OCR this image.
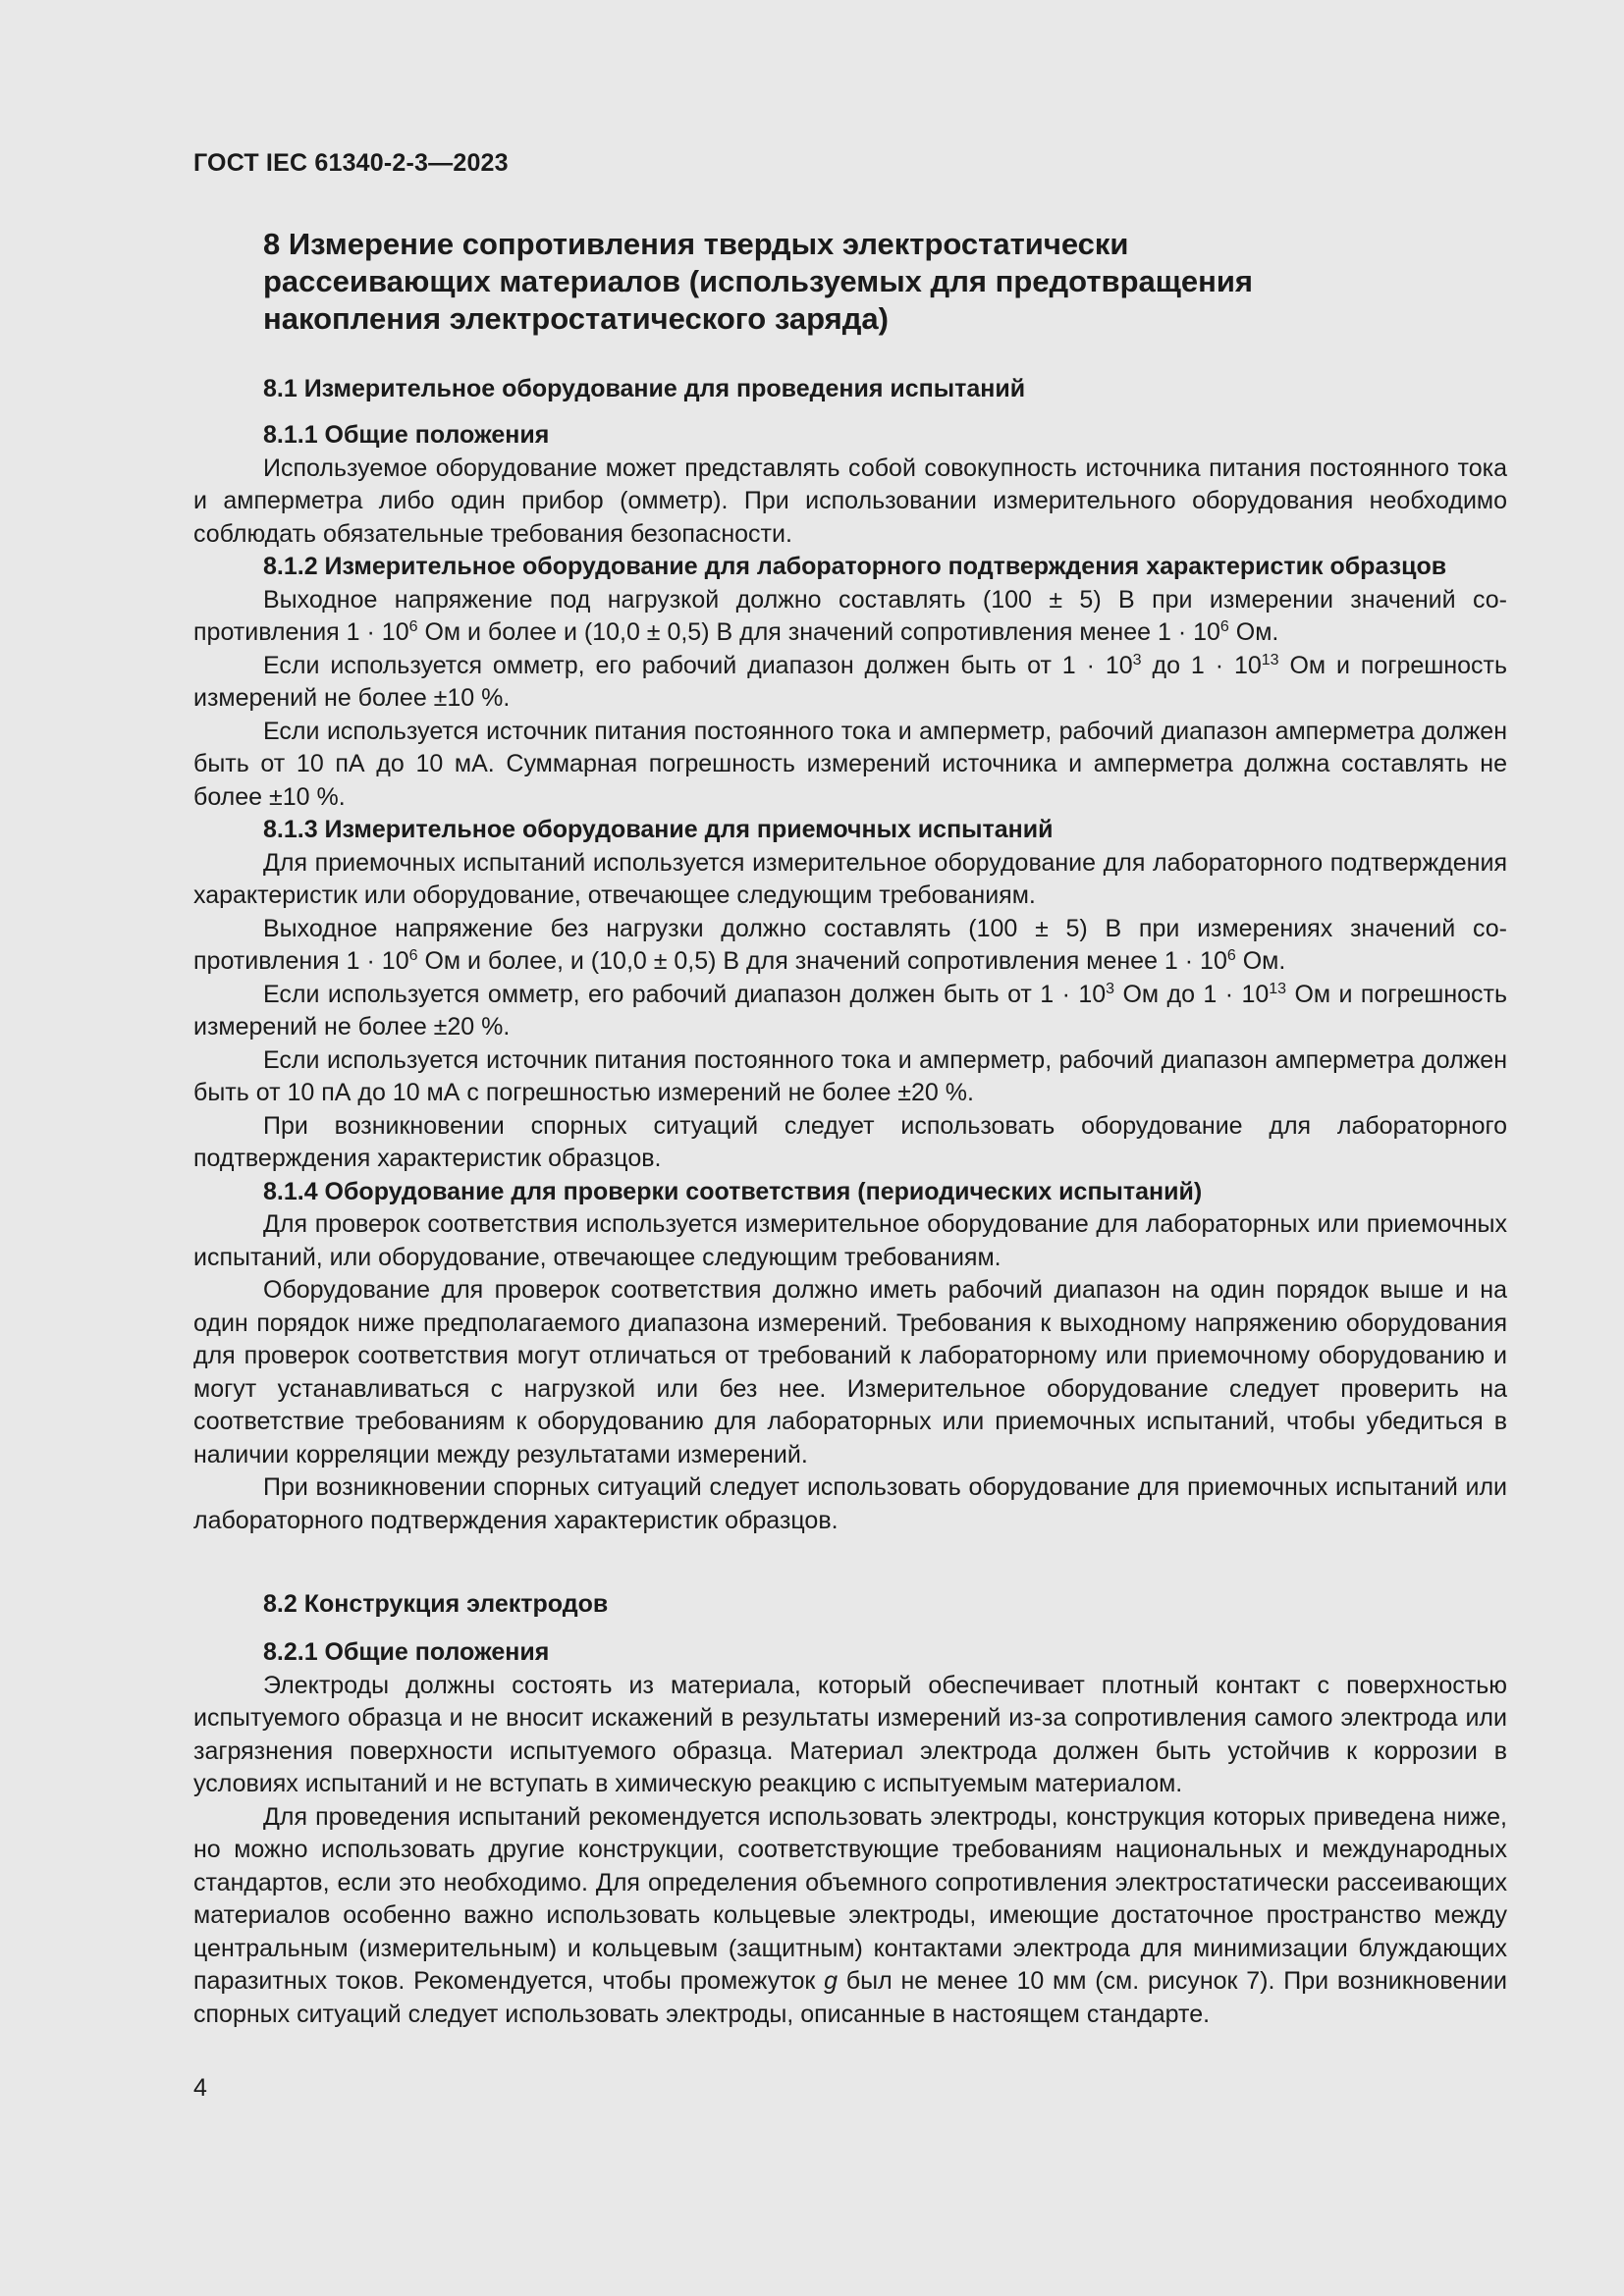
ГОСТ IEC 61340-2-3—2023
8 Измерение сопротивления твердых электростатически
рассеивающих материалов (используемых для предотвращения
накопления электростатического заряда)
8.1 Измерительное оборудование для проведения испытаний

8.1.1 Общие положения

Используемое оборудование может представлять собой совокупность источника питания постоянного тока и амперметра либо один прибор (омметр). При использовании измерительного оборудования необходимо соблюдать обязательные требования безопасности.

8.1.2 Измерительное оборудование для лабораторного подтверждения характеристик образцов

Выходное напряжение под нагрузкой должно составлять (100 ± 5) В при измерении значений сопротивления $1 \cdot 10^6$ Ом и более и (10,0 ± 0,5) В для значений сопротивления менее $1 \cdot 10^6$ Ом.

Если используется омметр, его рабочий диапазон должен быть от $1 \cdot 10^3$ до $1 \cdot 10^{13}$ Ом и погрешность измерений не более ±10 %.

Если используется источник питания постоянного тока и амперметр, рабочий диапазон амперметра должен быть от 10 пА до 10 мА. Суммарная погрешность измерений источника и амперметра должна составлять не более ±10 %.

8.1.3 Измерительное оборудование для приемочных испытаний

Для приемочных испытаний используется измерительное оборудование для лабораторного подтверждения характеристик или оборудование, отвечающее следующим требованиям.

Выходное напряжение без нагрузки должно составлять (100 ± 5) В при измерениях значений сопротивления $1 \cdot 10^6$ Ом и более, и (10,0 ± 0,5) В для значений сопротивления менее $1 \cdot 10^6$ Ом.

Если используется омметр, его рабочий диапазон должен быть от $1 \cdot 10^3$ Ом до $1 \cdot 10^{13}$ Ом и погрешность измерений не более ±20 %.

Если используется источник питания постоянного тока и амперметр, рабочий диапазон амперметра должен быть от 10 пА до 10 мА с погрешностью измерений не более ±20 %.

При возникновении спорных ситуаций следует использовать оборудование для лабораторного подтверждения характеристик образцов.

8.1.4 Оборудование для проверки соответствия (периодических испытаний)

Для проверок соответствия используется измерительное оборудование для лабораторных или приемочных испытаний, или оборудование, отвечающее следующим требованиям.

Оборудование для проверок соответствия должно иметь рабочий диапазон на один порядок выше и на один порядок ниже предполагаемого диапазона измерений. Требования к выходному напряжению оборудования для проверок соответствия могут отличаться от требований к лабораторному или приемочному оборудованию и могут устанавливаться с нагрузкой или без нее. Измерительное оборудование следует проверить на соответствие требованиям к оборудованию для лабораторных или приемочных испытаний, чтобы убедиться в наличии корреляции между результатами измерений.

При возникновении спорных ситуаций следует использовать оборудование для приемочных испытаний или лабораторного подтверждения характеристик образцов.

8.2 Конструкция электродов

8.2.1 Общие положения

Электроды должны состоять из материала, который обеспечивает плотный контакт с поверхностью испытуемого образца и не вносит искажений в результаты измерений из-за сопротивления самого электрода или загрязнения поверхности испытуемого образца. Материал электрода должен быть устойчив к коррозии в условиях испытаний и не вступать в химическую реакцию с испытуемым материалом.

Для проведения испытаний рекомендуется использовать электроды, конструкция которых приведена ниже, но можно использовать другие конструкции, соответствующие требованиям национальных и международных стандартов, если это необходимо. Для определения объемного сопротивления электростатически рассеивающих материалов особенно важно использовать кольцевые электроды, имеющие достаточное пространство между центральным (измерительным) и кольцевым (защитным) контактами электрода для минимизации блуждающих паразитных токов. Рекомендуется, чтобы промежуток g был не менее 10 мм (см. рисунок 7). При возникновении спорных ситуаций следует использовать электроды, описанные в настоящем стандарте.

4
